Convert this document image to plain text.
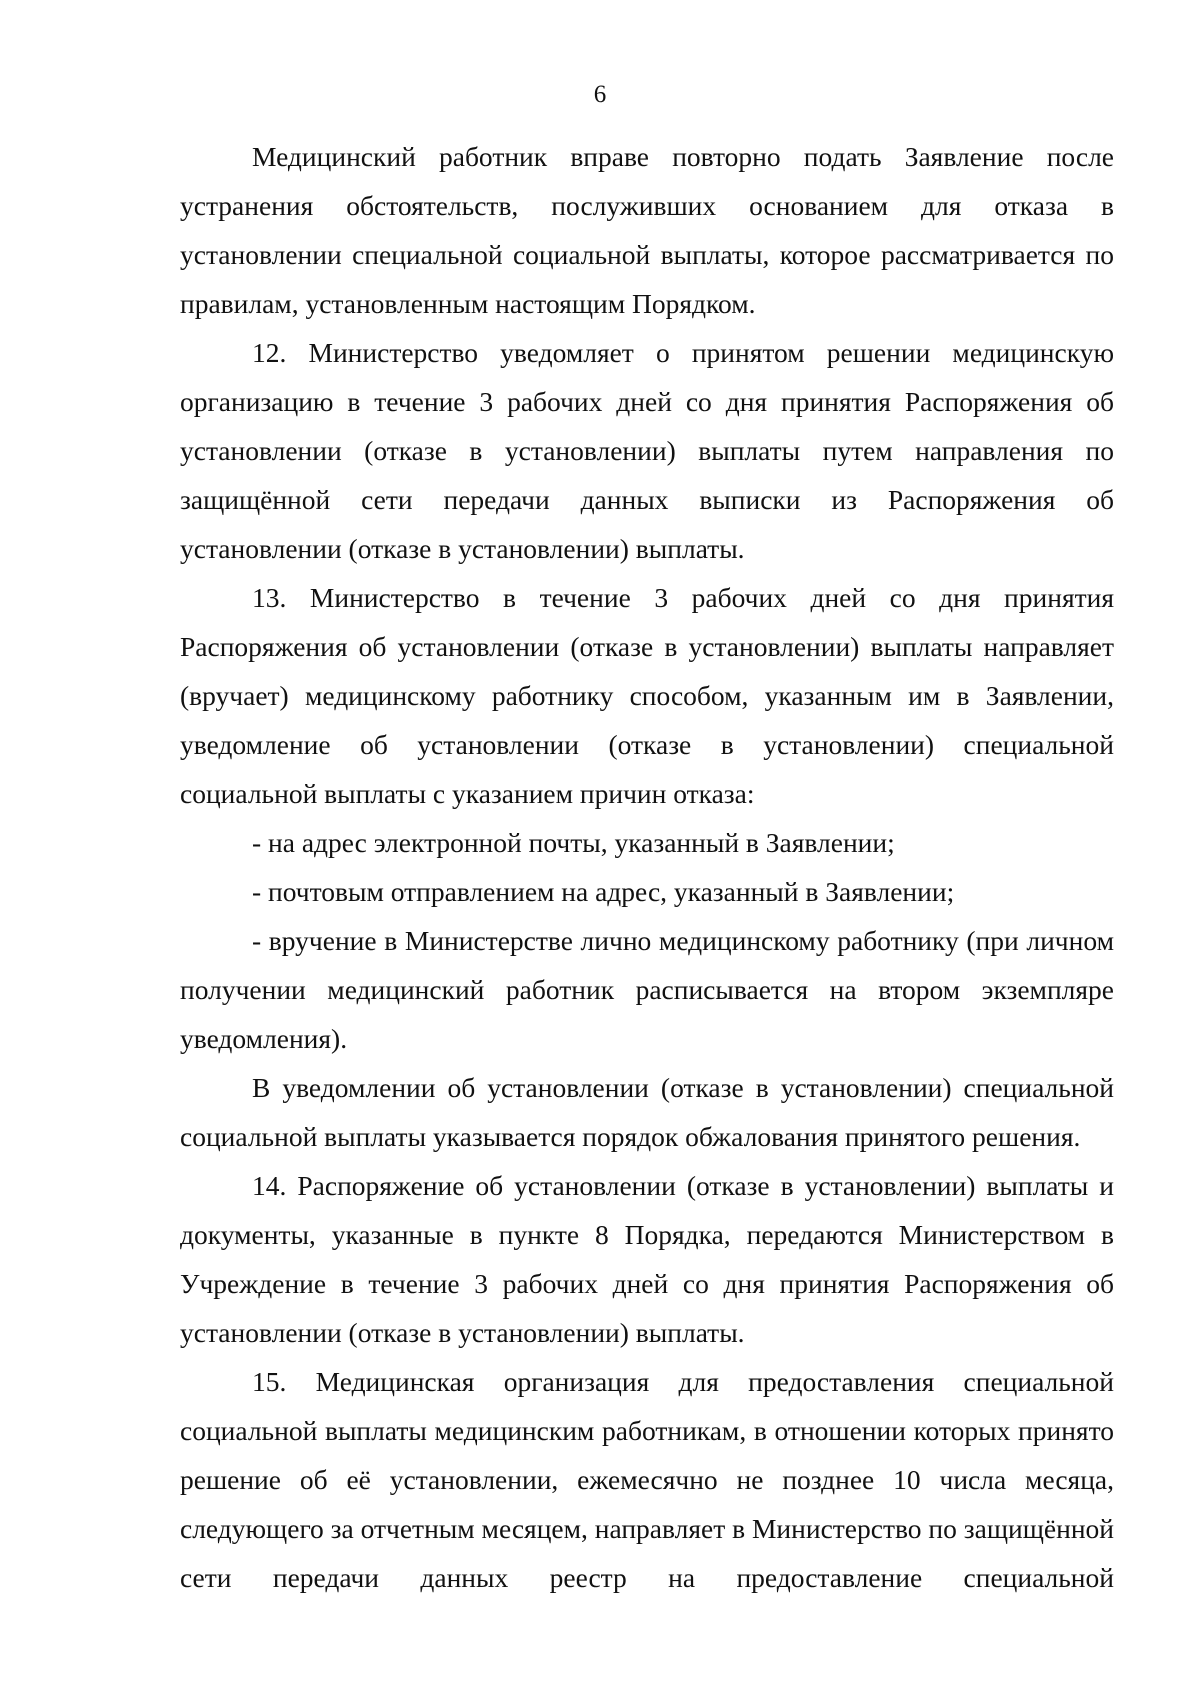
6

Медицинский работник вправе повторно подать Заявление после устранения обстоятельств, послуживших основанием для отказа в установлении специальной социальной выплаты, которое рассматривается по правилам, установленным настоящим Порядком.

12. Министерство уведомляет о принятом решении медицинскую организацию в течение 3 рабочих дней со дня принятия Распоряжения об установлении (отказе в установлении) выплаты путем направления по защищённой сети передачи данных выписки из Распоряжения об установлении (отказе в установлении) выплаты.

13. Министерство в течение 3 рабочих дней со дня принятия Распоряжения об установлении (отказе в установлении) выплаты направляет (вручает) медицинскому работнику способом, указанным им в Заявлении, уведомление об установлении (отказе в установлении) специальной социальной выплаты с указанием причин отказа:

- на адрес электронной почты, указанный в Заявлении;

- почтовым отправлением на адрес, указанный в Заявлении;

- вручение в Министерстве лично медицинскому работнику (при личном получении медицинский работник расписывается на втором экземпляре уведомления).

В уведомлении об установлении (отказе в установлении) специальной социальной выплаты указывается порядок обжалования принятого решения.

14. Распоряжение об установлении (отказе в установлении) выплаты и документы, указанные в пункте 8 Порядка, передаются Министерством в Учреждение в течение 3 рабочих дней со дня принятия Распоряжения об установлении (отказе в установлении) выплаты.

15. Медицинская организация для предоставления специальной социальной выплаты медицинским работникам, в отношении которых принято решение об её установлении, ежемесячно не позднее 10 числа месяца, следующего за отчетным месяцем, направляет в Министерство по защищённой сети передачи данных реестр на предоставление специальной
